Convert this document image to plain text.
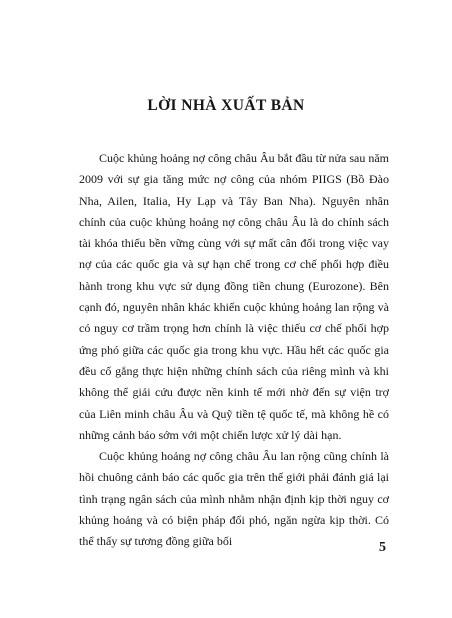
LỜI NHÀ XUẤT BẢN

Cuộc khủng hoảng nợ công châu Âu bắt đầu từ nửa sau năm 2009 với sự gia tăng mức nợ công của nhóm PIIGS (Bồ Đào Nha, Ailen, Italia, Hy Lạp và Tây Ban Nha). Nguyên nhân chính của cuộc khủng hoảng nợ công châu Âu là do chính sách tài khóa thiếu bền vững cùng với sự mất cân đối trong việc vay nợ của các quốc gia và sự hạn chế trong cơ chế phối hợp điều hành trong khu vực sử dụng đồng tiền chung (Eurozone). Bên cạnh đó, nguyên nhân khác khiến cuộc khủng hoảng lan rộng và có nguy cơ trầm trọng hơn chính là việc thiếu cơ chế phối hợp ứng phó giữa các quốc gia trong khu vực. Hầu hết các quốc gia đều cố gắng thực hiện những chính sách của riêng mình và khi không thể giải cứu được nền kinh tế mới nhờ đến sự viện trợ của Liên minh châu Âu và Quỹ tiền tệ quốc tế, mà không hề có những cảnh báo sớm với một chiến lược xử lý dài hạn.

Cuộc khủng hoảng nợ công châu Âu lan rộng cũng chính là hồi chuông cảnh báo các quốc gia trên thế giới phải đánh giá lại tình trạng ngân sách của mình nhằm nhận định kịp thời nguy cơ khủng hoảng và có biện pháp đối phó, ngăn ngừa kịp thời. Có thể thấy sự tương đồng giữa bối	5
